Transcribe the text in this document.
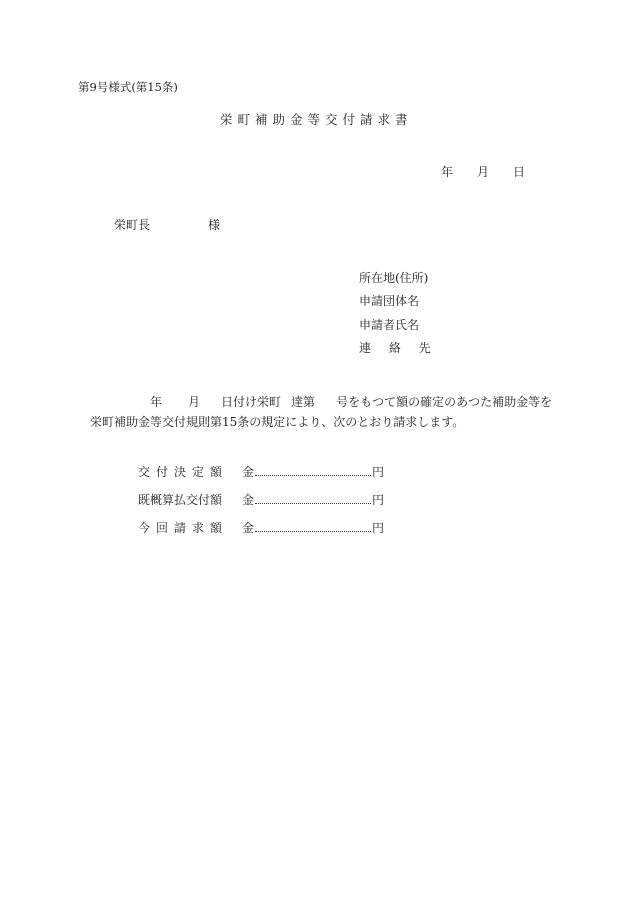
第9号様式(第15条)
栄町補助金等交付請求書
年 月 日
栄町長	様
所在地(住所)
申請団体名
申請者氏名
連 絡 先
年 月 日付け栄町 達第 号をもつて額の確定のあつた補助金等を
栄町補助金等交付規則第15条の規定により、次のとおり請求します。
交付決定額 金	円
既概算払交付額 金	円
今回請求額 金	円
